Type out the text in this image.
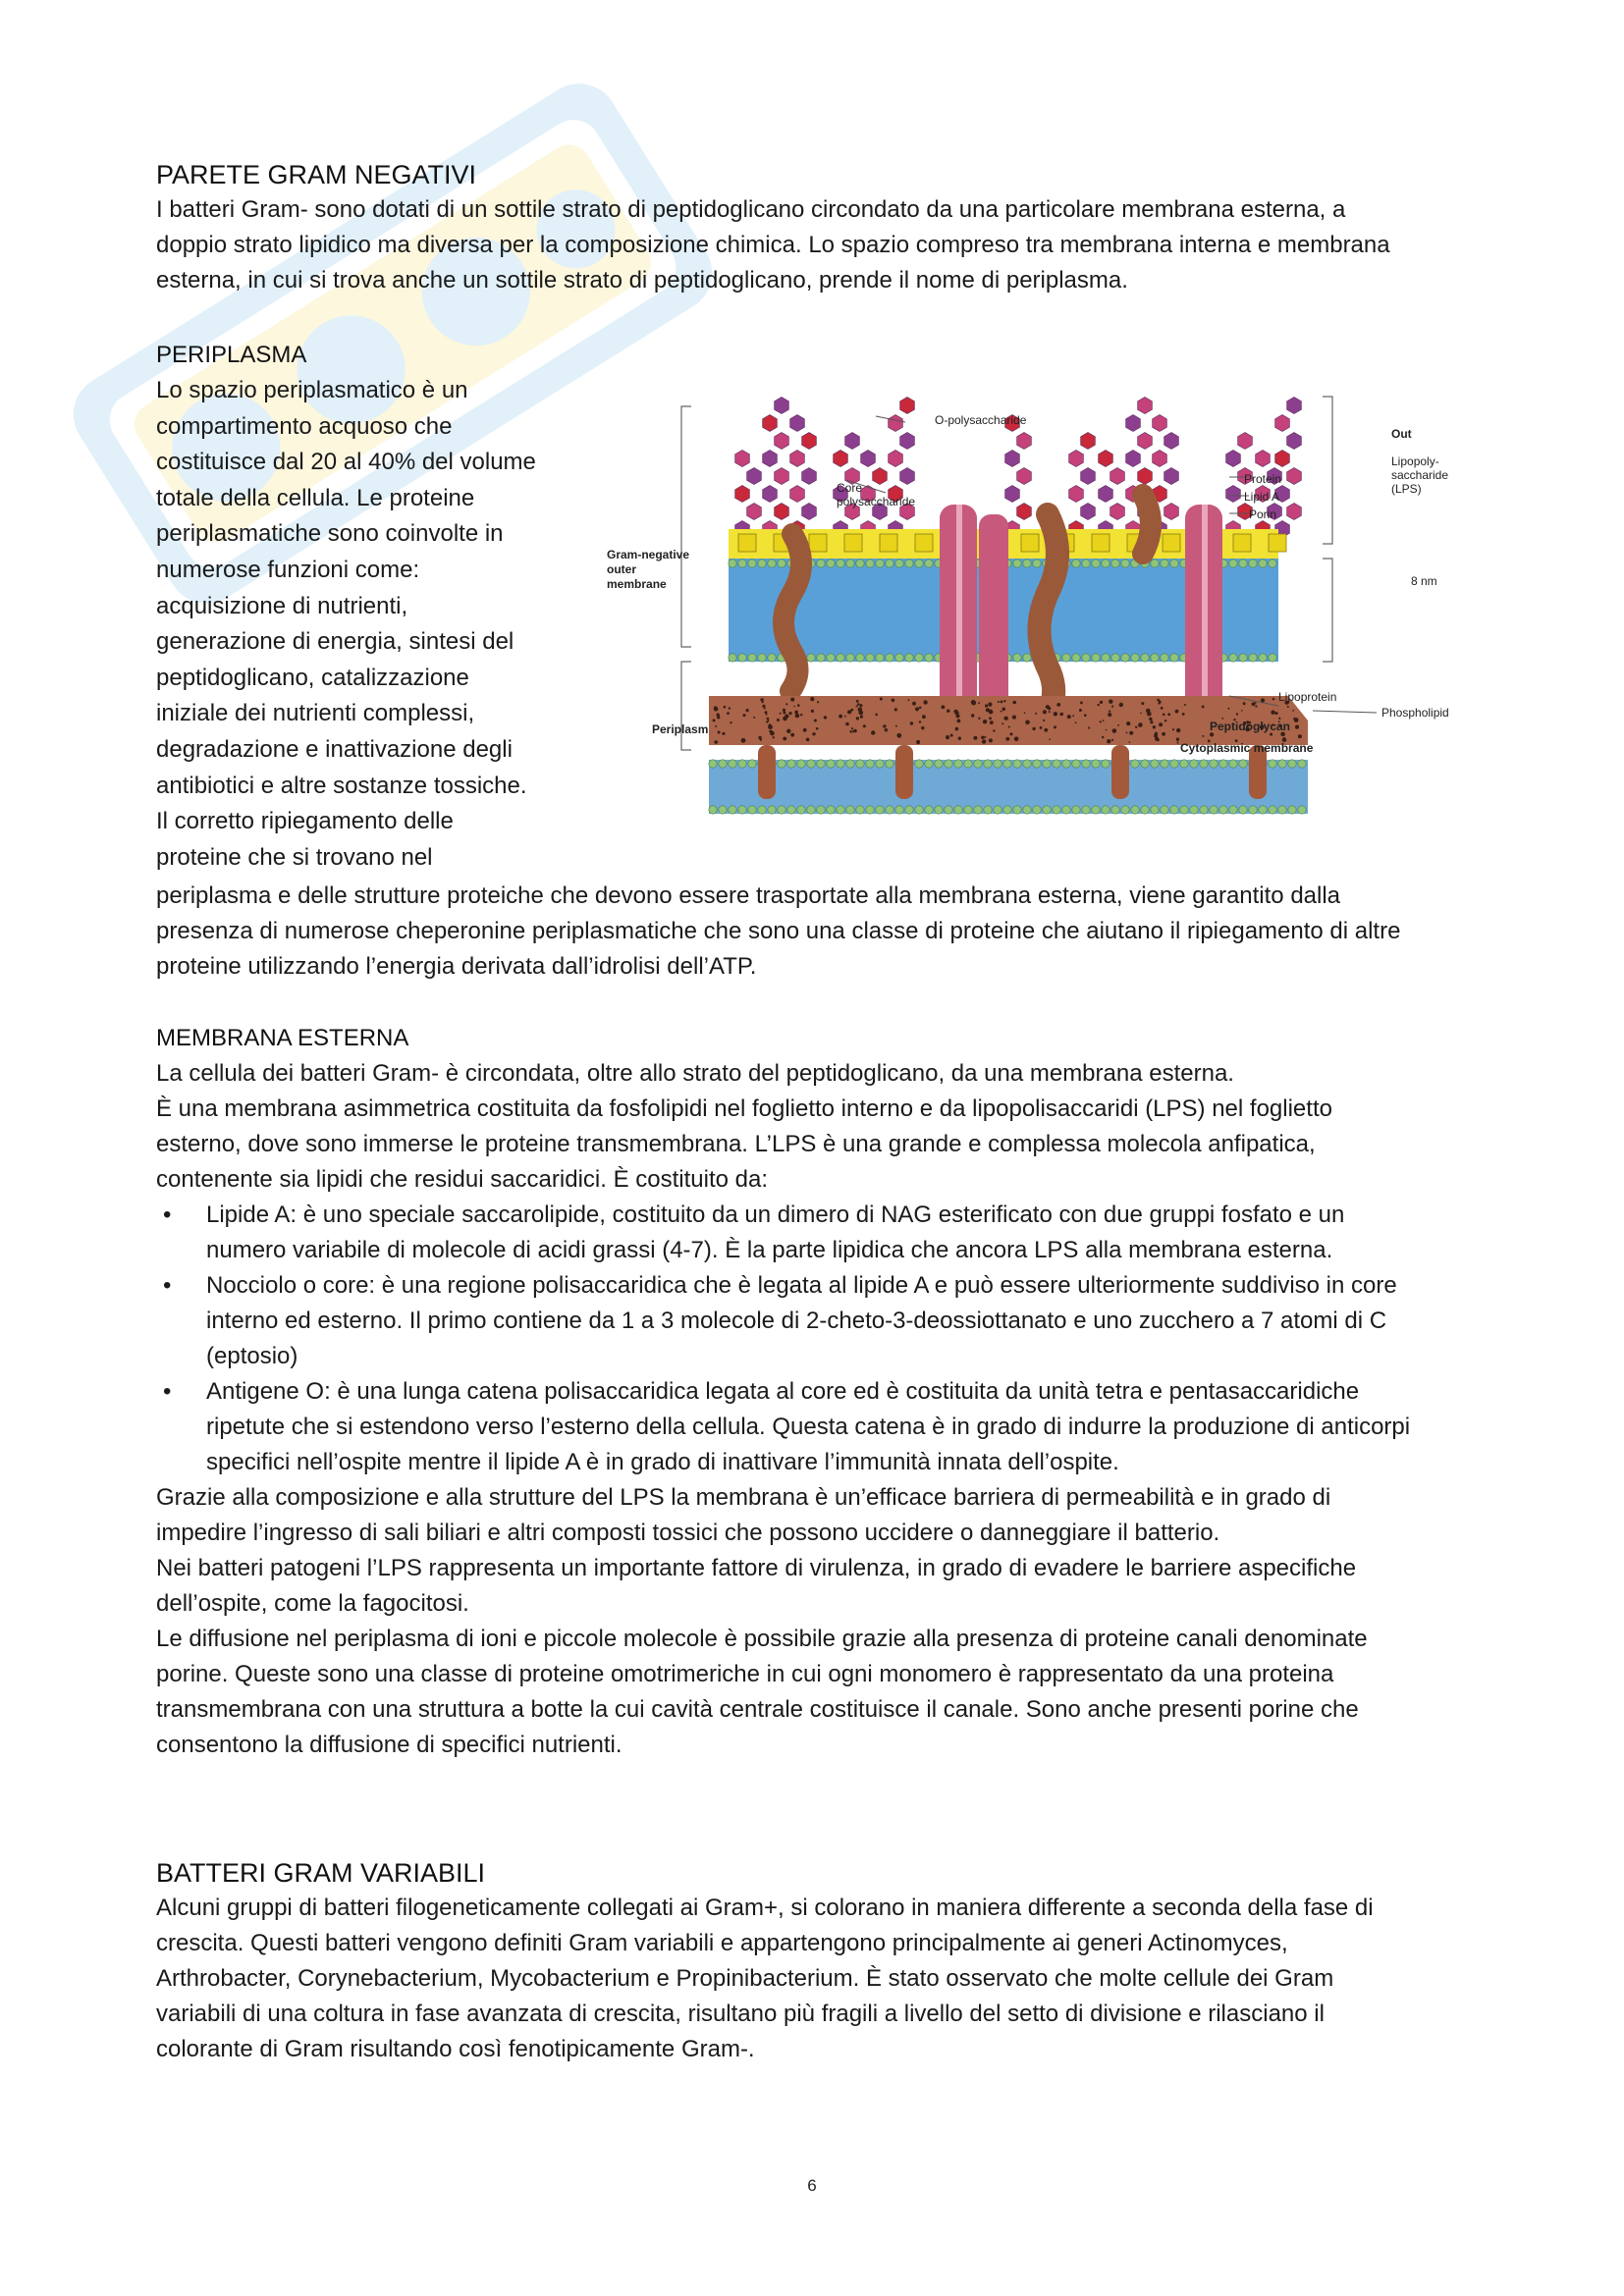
PARETE GRAM NEGATIVI

I batteri Gram- sono dotati di un sottile strato di peptidoglicano circondato da una particolare membrana esterna, a

doppio strato lipidico ma diversa per la composizione chimica. Lo spazio compreso tra membrana interna e membrana

esterna, in cui si trova anche un sottile strato di peptidoglicano, prende il nome di periplasma.

PERIPLASMA

Lo spazio periplasmatico è un

compartimento acquoso che

costituisce dal 20 al 40% del volume

totale della cellula. Le proteine

periplasmatiche sono coinvolte in

numerose funzioni come:

acquisizione di nutrienti,

generazione di energia, sintesi del

peptidoglicano, catalizzazione

iniziale dei nutrienti complessi,

degradazione e inattivazione degli

antibiotici e altre sostanze tossiche.

Il corretto ripiegamento delle

proteine che si trovano nel

O-polysaccharide
Core
polysaccharide
Protein
Lipid A
Porin
Out
Lipopoly-
saccharide
(LPS)
Gram-negative
outer
membrane	8 nm
Lipoprotein
Phospholipid
Periplasm	Peptidoglycan
Cytoplasmic membrane

periplasma e delle strutture proteiche che devono essere trasportate alla membrana esterna, viene garantito dalla

presenza di numerose cheperonine periplasmatiche che sono una classe di proteine che aiutano il ripiegamento di altre

proteine utilizzando l’energia derivata dall’idrolisi dell’ATP.

MEMBRANA ESTERNA

La cellula dei batteri Gram- è circondata, oltre allo strato del peptidoglicano, da una membrana esterna.

È una membrana asimmetrica costituita da fosfolipidi nel foglietto interno e da lipopolisaccaridi (LPS) nel foglietto

esterno, dove sono immerse le proteine transmembrana. L’LPS è una grande e complessa molecola anfipatica,

contenente sia lipidi che residui saccaridici. È costituito da:

• Lipide A: è uno speciale saccarolipide, costituito da un dimero di NAG esterificato con due gruppi fosfato e un
numero variabile di molecole di acidi grassi (4-7). È la parte lipidica che ancora LPS alla membrana esterna.
• Nocciolo o core: è una regione polisaccaridica che è legata al lipide A e può essere ulteriormente suddiviso in core
interno ed esterno. Il primo contiene da 1 a 3 molecole di 2-cheto-3-deossiottanato e uno zucchero a 7 atomi di C
(eptosio)
• Antigene O: è una lunga catena polisaccaridica legata al core ed è costituita da unità tetra e pentasaccaridiche
ripetute che si estendono verso l’esterno della cellula. Questa catena è in grado di indurre la produzione di anticorpi
specifici nell’ospite mentre il lipide A è in grado di inattivare l’immunità innata dell’ospite.

Grazie alla composizione e alla strutture del LPS la membrana è un’efficace barriera di permeabilità e in grado di

impedire l’ingresso di sali biliari e altri composti tossici che possono uccidere o danneggiare il batterio.

Nei batteri patogeni l’LPS rappresenta un importante fattore di virulenza, in grado di evadere le barriere aspecifiche

dell’ospite, come la fagocitosi.

Le diffusione nel periplasma di ioni e piccole molecole è possibile grazie alla presenza di proteine canali denominate

porine. Queste sono una classe di proteine omotrimeriche in cui ogni monomero è rappresentato da una proteina

transmembrana con una struttura a botte la cui cavità centrale costituisce il canale. Sono anche presenti porine che

consentono la diffusione di specifici nutrienti.

BATTERI GRAM VARIABILI

Alcuni gruppi di batteri filogeneticamente collegati ai Gram+, si colorano in maniera differente a seconda della fase di

crescita. Questi batteri vengono definiti Gram variabili e appartengono principalmente ai generi Actinomyces,

Arthrobacter, Corynebacterium, Mycobacterium e Propinibacterium. È stato osservato che molte cellule dei Gram

variabili di una coltura in fase avanzata di crescita, risultano più fragili a livello del setto di divisione e rilasciano il

colorante di Gram risultando così fenotipicamente Gram-.

6
